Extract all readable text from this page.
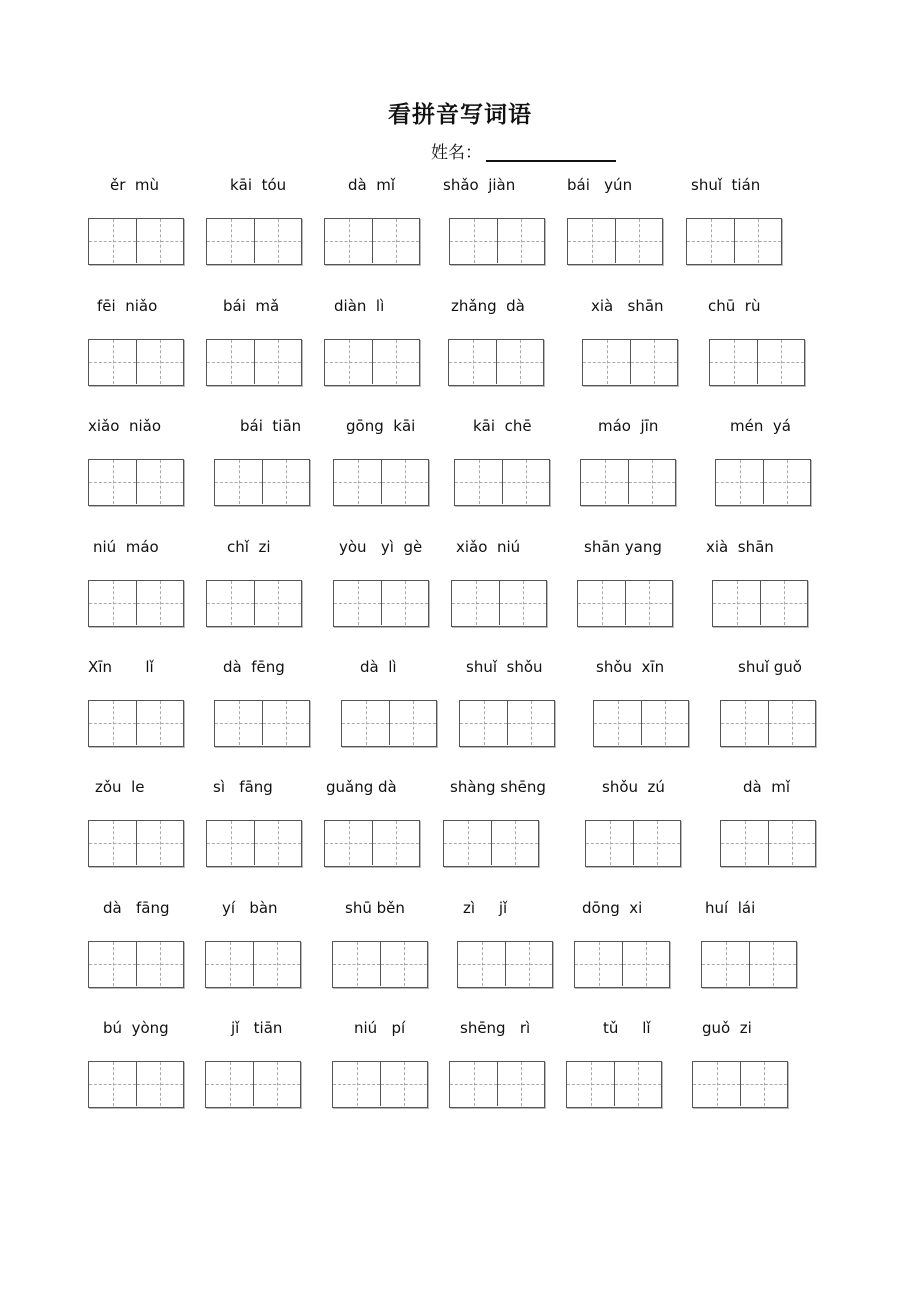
看拼音写词语
姓名：
ěr  mù	kāi  tóu	dà  mǐ	shǎo  jiàn	bái   yún	shuǐ  tián
fēi  niǎo	bái  mǎ	diàn  lì	zhǎng  dà	xià   shān	chū  rù
xiǎo  niǎo	bái  tiān	gōng  kāi	kāi  chē	máo  jīn	mén  yá
niú  máo	chǐ  zi	yòu   yì  gè xiǎo  niú	shān yang	xià  shān
Xīn       lǐ	dà  fēng	dà  lì	shuǐ  shǒu	shǒu  xīn	shuǐ guǒ
zǒu  le	sì   fāng	guǎng dà	shàng shēng	shǒu  zú	dà  mǐ
dà   fāng	yí   bàn	shū běn	zì     jǐ	dōng  xi	huí  lái
bú  yòng	jǐ   tiān	niú   pí	shēng   rì	tǔ     lǐ	guǒ  zi
